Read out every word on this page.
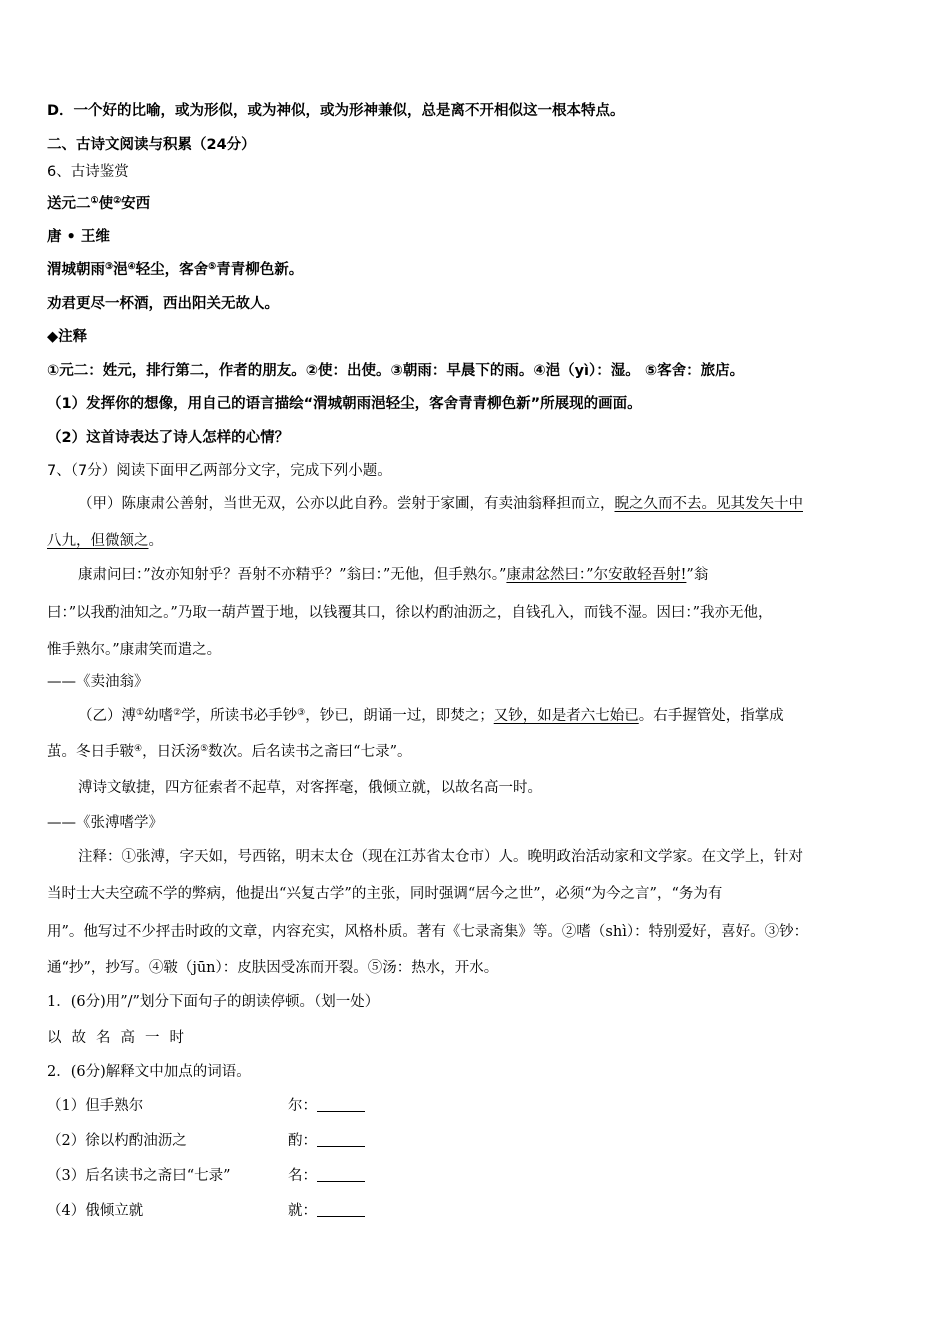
D．一个好的比喻，或为形似，或为神似，或为形神兼似，总是离不开相似这一根本特点。
二、古诗文阅读与积累（24分）
6、古诗鉴赏
送元二①使②安西
唐 • 王维
渭城朝雨③浥④轻尘，客舍⑤青青柳色新。
劝君更尽一杯酒，西出阳关无故人。
◆注释
①元二：姓元，排行第二，作者的朋友。②使：出使。③朝雨：早晨下的雨。④浥（yì）：湿。 ⑤客舍：旅店。
（1）发挥你的想像，用自己的语言描绘“渭城朝雨浥轻尘，客舍青青柳色新”所展现的画面。
（2）这首诗表达了诗人怎样的心情？
7、（7分）阅读下面甲乙两部分文字，完成下列小题。
（甲）陈康肃公善射，当世无双，公亦以此自矜。尝射于家圃，有卖油翁释担而立，睨之久而不去。见其发矢十中
八九，但微颔之。
康肃问曰：”汝亦知射乎？吾射不亦精乎？”翁曰：”无他，但手熟尔。”康肃忿然曰：”尔安敢轻吾射!”翁
曰：”以我酌油知之。”乃取一葫芦置于地，以钱覆其口，徐以杓酌油沥之，自钱孔入，而钱不湿。因曰：”我亦无他，
惟手熟尔。”康肃笑而遣之。
——《卖油翁》
（乙）溥①幼嗜②学，所读书必手钞③，钞已，朗诵一过，即焚之；又钞，如是者六七始已。右手握管处，指掌成
茧。冬日手皲④，日沃汤⑤数次。后名读书之斋曰“七录”。
溥诗文敏捷，四方征索者不起草，对客挥毫，俄倾立就，以故名高一时。
——《张溥嗜学》
注释：①张溥，字天如，号西铭，明末太仓（现在江苏省太仓市）人。晚明政治活动家和文学家。在文学上，针对
当时士大夫空疏不学的弊病，他提出“兴复古学”的主张，同时强调“居今之世”，必须“为今之言”，“务为有
用”。他写过不少抨击时政的文章，内容充实，风格朴质。著有《七录斋集》等。②嗜（shì）：特别爱好，喜好。③钞：
通“抄”，抄写。④皲（jūn）：皮肤因受冻而开裂。⑤汤：热水，开水。
1．(6分)用”/”划分下面句子的朗读停顿。（划一处）
以 故 名 高 一 时
2．(6分)解释文中加点的词语。
（1）但手熟尔	尔：
（2）徐以杓酌油沥之	酌：
（3）后名读书之斋曰“七录”	名：
（4）俄倾立就	就：
